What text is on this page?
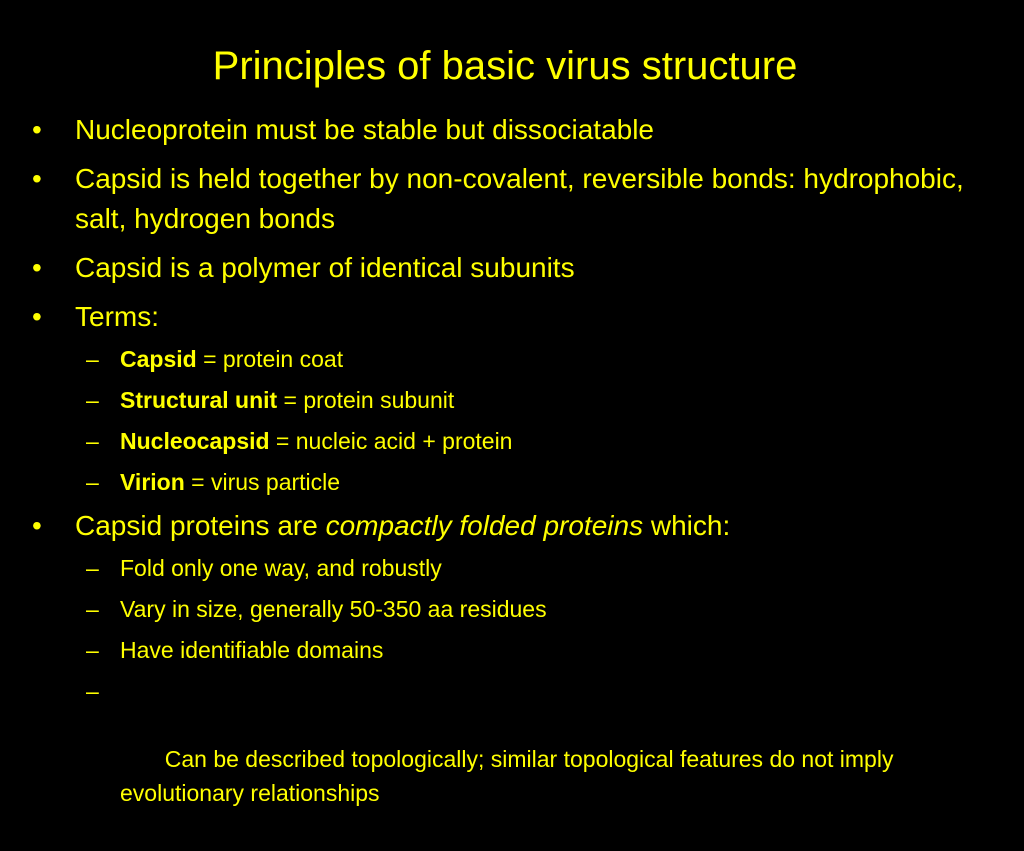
Principles of basic virus structure
• Nucleoprotein must be stable but dissociatable
• Capsid is held together by non-covalent, reversible bonds: hydrophobic, salt, hydrogen bonds
• Capsid is a polymer of identical subunits
• Terms:
– Capsid = protein coat
– Structural unit = protein subunit
– Nucleocapsid = nucleic acid + protein
– Virion = virus particle
• Capsid proteins are compactly folded proteins which:
– Fold only one way, and robustly
– Vary in size, generally 50-350 aa residues
– Have identifiable domains

–

Can be described topologically; similar topological features do not imply evolutionary relationships
